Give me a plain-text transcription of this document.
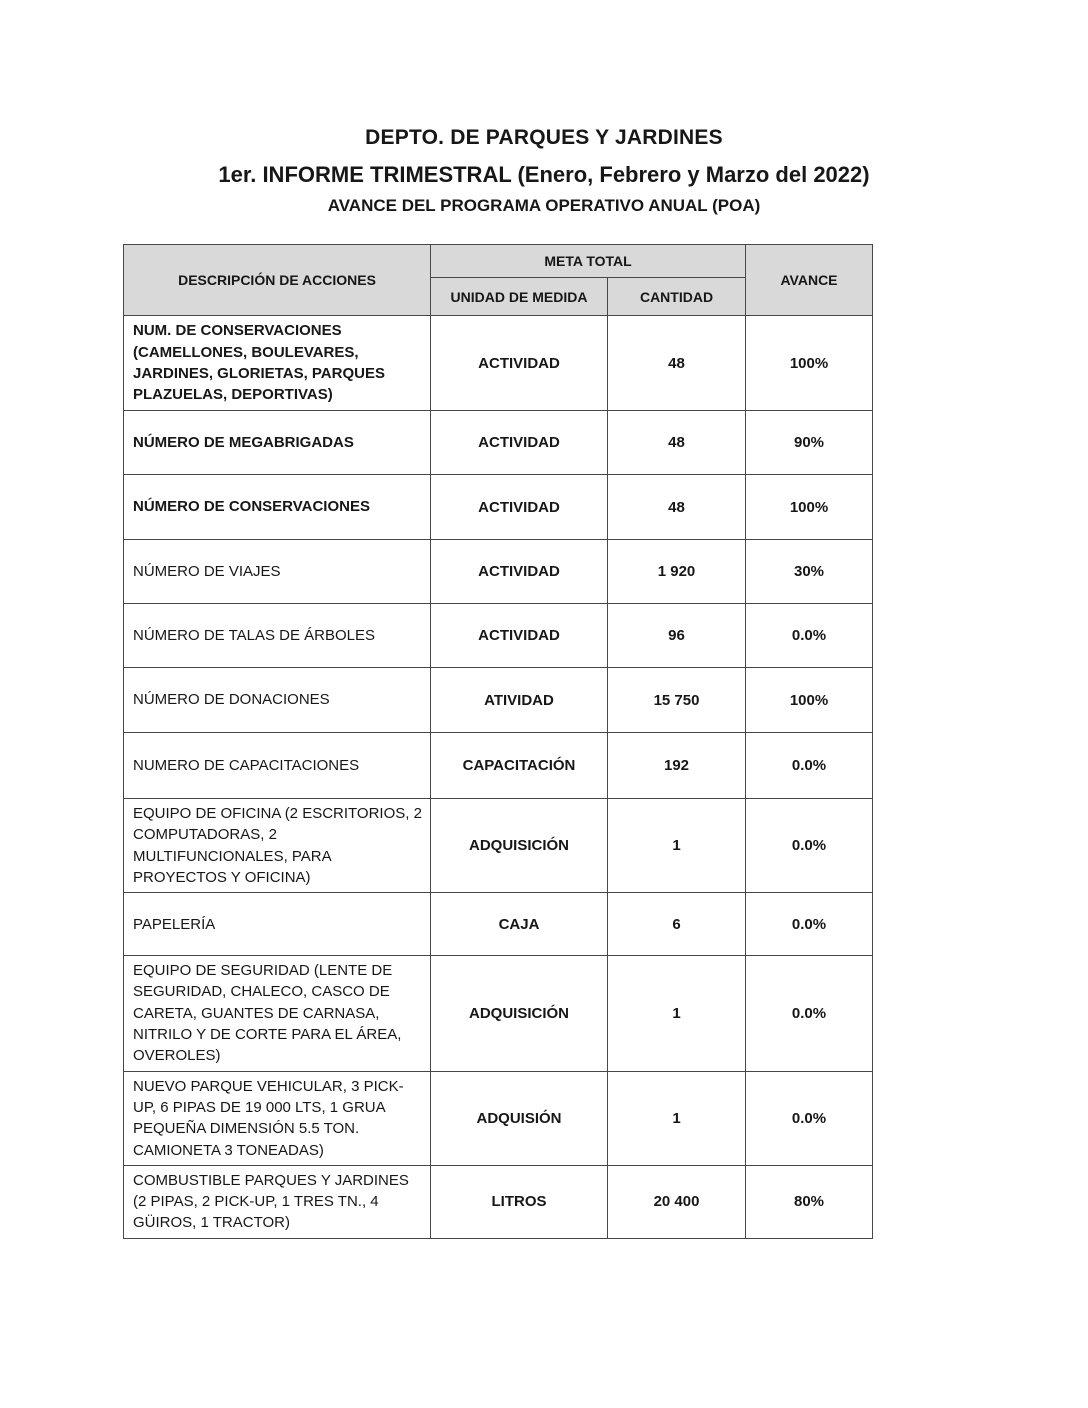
DEPTO. DE PARQUES Y JARDINES
1er. INFORME TRIMESTRAL (Enero, Febrero y Marzo del 2022)
AVANCE DEL PROGRAMA OPERATIVO ANUAL (POA)
DESCRIPCIÓN DE ACCIONES	META TOTAL		AVANCE
	UNIDAD DE MEDIDA	CANTIDAD	
NUM. DE CONSERVACIONES (CAMELLONES, BOULEVARES, JARDINES, GLORIETAS, PARQUES PLAZUELAS, DEPORTIVAS)	ACTIVIDAD	48	100%
NÚMERO DE MEGABRIGADAS	ACTIVIDAD	48	90%
NÚMERO DE CONSERVACIONES	ACTIVIDAD	48	100%
NÚMERO DE VIAJES	ACTIVIDAD	1 920	30%
NÚMERO DE TALAS DE ÁRBOLES	ACTIVIDAD	96	0.0%
NÚMERO DE DONACIONES	ATIVIDAD	15 750	100%
NUMERO DE CAPACITACIONES	CAPACITACIÓN	192	0.0%
EQUIPO DE OFICINA (2 ESCRITORIOS, 2 COMPUTADORAS, 2 MULTIFUNCIONALES, PARA PROYECTOS Y OFICINA)	ADQUISICIÓN	1	0.0%
PAPELERÍA	CAJA	6	0.0%
EQUIPO DE SEGURIDAD (LENTE DE SEGURIDAD, CHALECO, CASCO DE CARETA, GUANTES DE CARNASA, NITRILO Y DE CORTE PARA EL ÁREA, OVEROLES)	ADQUISICIÓN	1	0.0%
NUEVO PARQUE VEHICULAR, 3 PICK-UP, 6 PIPAS DE 19 000 LTS, 1 GRUA PEQUEÑA DIMENSIÓN 5.5 TON. CAMIONETA 3 TONEADAS)	ADQUISIÓN	1	0.0%
COMBUSTIBLE PARQUES Y JARDINES (2 PIPAS, 2 PICK-UP, 1 TRES TN., 4 GÜIROS, 1 TRACTOR)	LITROS	20 400	80%
